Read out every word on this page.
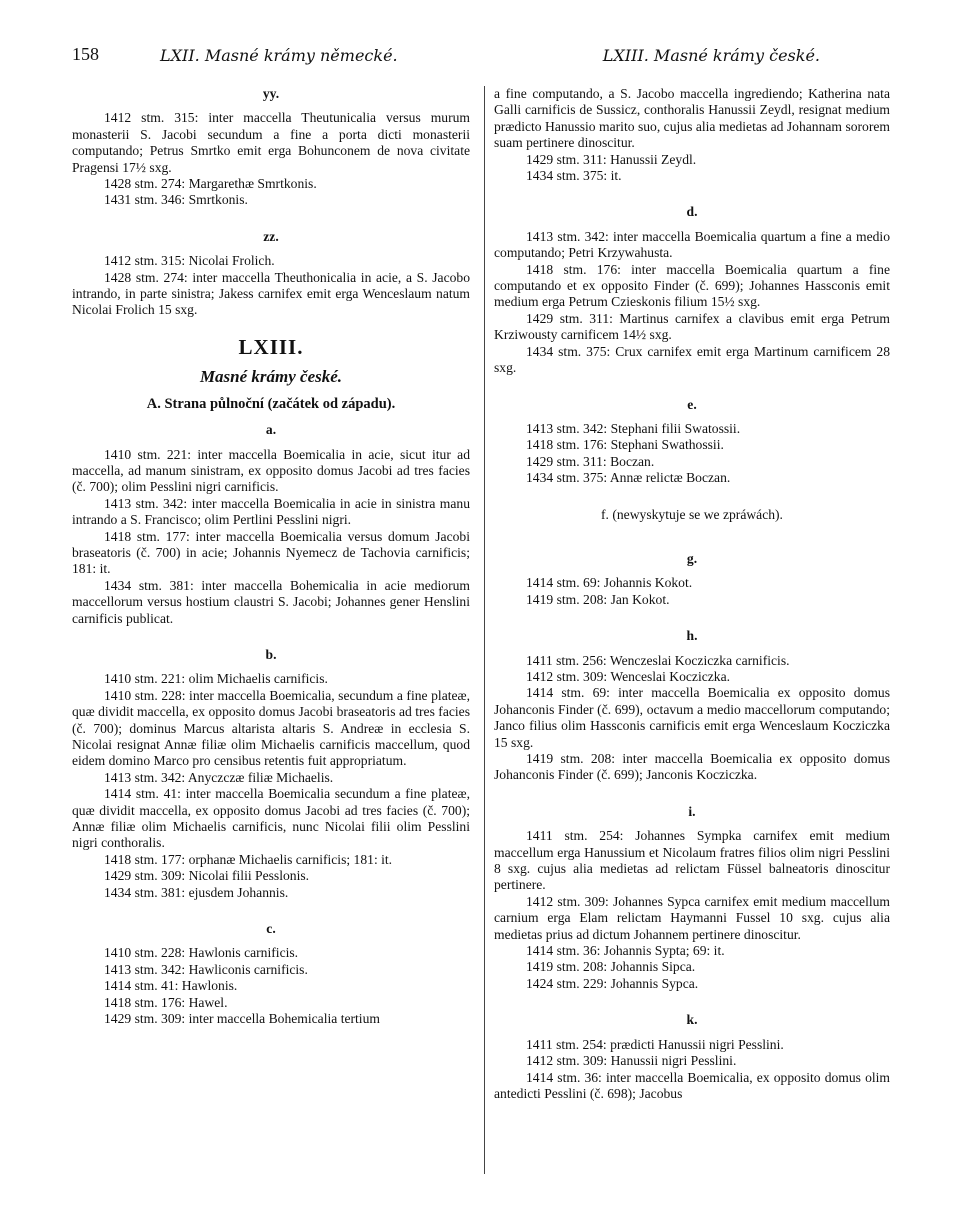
158	LXII. Masné krámy německé.	LXIII. Masné krámy české.
yy.

1412 stm. 315: inter maccella Theutunicalia versus murum monasterii S. Jacobi secundum a fine a porta dicti monasterii computando; Petrus Smrtko emit erga Bohunconem de nova civitate Pragensi 17½ sxg.

1428 stm. 274: Margarethæ Smrtkonis.

1431 stm. 346: Smrtkonis.

zz.

1412 stm. 315: Nicolai Frolich.

1428 stm. 274: inter maccella Theuthonicalia in acie, a S. Jacobo intrando, in parte sinistra; Jakess carnifex emit erga Wenceslaum natum Nicolai Frolich 15 sxg.

LXIII.
Masné krámy české.
A. Strana půlnoční (začátek od západu).
a.

1410 stm. 221: inter maccella Boemicalia in acie, sicut itur ad maccella, ad manum sinistram, ex opposito domus Jacobi ad tres facies (č. 700); olim Pesslini nigri carnificis.

1413 stm. 342: inter maccella Boemicalia in acie in sinistra manu intrando a S. Francisco; olim Pertlini Pesslini nigri.

1418 stm. 177: inter maccella Boemicalia versus domum Jacobi braseatoris (č. 700) in acie; Johannis Nyemecz de Tachovia carnificis; 181: it.

1434 stm. 381: inter maccella Bohemicalia in acie mediorum maccellorum versus hostium claustri S. Jacobi; Johannes gener Henslini carnificis publicat.

b.

1410 stm. 221: olim Michaelis carnificis.

1410 stm. 228: inter maccella Boemicalia, secundum a fine plateæ, quæ dividit maccella, ex opposito domus Jacobi braseatoris ad tres facies (č. 700); dominus Marcus altarista altaris S. Andreæ in ecclesia S. Nicolai resignat Annæ filiæ olim Michaelis carnificis maccellum, quod eidem domino Marco pro censibus retentis fuit appropriatum.

1413 stm. 342: Anyczczæ filiæ Michaelis.

1414 stm. 41: inter maccella Boemicalia secundum a fine plateæ, quæ dividit maccella, ex opposito domus Jacobi ad tres facies (č. 700); Annæ filiæ olim Michaelis carnificis, nunc Nicolai filii olim Pesslini nigri conthoralis.

1418 stm. 177: orphanæ Michaelis carnificis; 181: it.

1429 stm. 309: Nicolai filii Pesslonis.

1434 stm. 381: ejusdem Johannis.

c.

1410 stm. 228: Hawlonis carnificis.

1413 stm. 342: Hawliconis carnificis.

1414 stm. 41: Hawlonis.

1418 stm. 176: Hawel.

1429 stm. 309: inter maccella Bohemicalia tertium

a fine computando, a S. Jacobo maccella ingrediendo; Katherina nata Galli carnificis de Sussicz, conthoralis Hanussii Zeydl, resignat medium prædicto Hanussio marito suo, cujus alia medietas ad Johannam sororem suam pertinere dinoscitur.

1429 stm. 311: Hanussii Zeydl.

1434 stm. 375: it.

d.

1413 stm. 342: inter maccella Boemicalia quartum a fine a medio computando; Petri Krzywahusta.

1418 stm. 176: inter maccella Boemicalia quartum a fine computando et ex opposito Finder (č. 699); Johannes Hassconis emit medium erga Petrum Czieskonis filium 15½ sxg.

1429 stm. 311: Martinus carnifex a clavibus emit erga Petrum Krziwousty carnificem 14½ sxg.

1434 stm. 375: Crux carnifex emit erga Martinum carnificem 28 sxg.

e.

1413 stm. 342: Stephani filii Swatossii.

1418 stm. 176: Stephani Swathossii.

1429 stm. 311: Boczan.

1434 stm. 375: Annæ relictæ Boczan.

f. (newyskytuje se we zpráwách).
g.

1414 stm. 69: Johannis Kokot.

1419 stm. 208: Jan Kokot.

h.

1411 stm. 256: Wenczeslai Kocziczka carnificis.

1412 stm. 309: Wenceslai Kocziczka.

1414 stm. 69: inter maccella Boemicalia ex opposito domus Johanconis Finder (č. 699), octavum a medio maccellorum computando; Janco filius olim Hassconis carnificis emit erga Wenceslaum Kocziczka 15 sxg.

1419 stm. 208: inter maccella Boemicalia ex opposito domus Johanconis Finder (č. 699); Janconis Kocziczka.

i.

1411 stm. 254: Johannes Sympka carnifex emit medium maccellum erga Hanussium et Nicolaum fratres filios olim nigri Pesslini 8 sxg. cujus alia medietas ad relictam Füssel balneatoris dinoscitur pertinere.

1412 stm. 309: Johannes Sypca carnifex emit medium maccellum carnium erga Elam relictam Haymanni Fussel 10 sxg. cujus alia medietas prius ad dictum Johannem pertinere dinoscitur.

1414 stm. 36: Johannis Sypta; 69: it.

1419 stm. 208: Johannis Sipca.

1424 stm. 229: Johannis Sypca.

k.

1411 stm. 254: prædicti Hanussii nigri Pesslini.

1412 stm. 309: Hanussii nigri Pesslini.

1414 stm. 36: inter maccella Boemicalia, ex opposito domus olim antedicti Pesslini (č. 698); Jacobus
